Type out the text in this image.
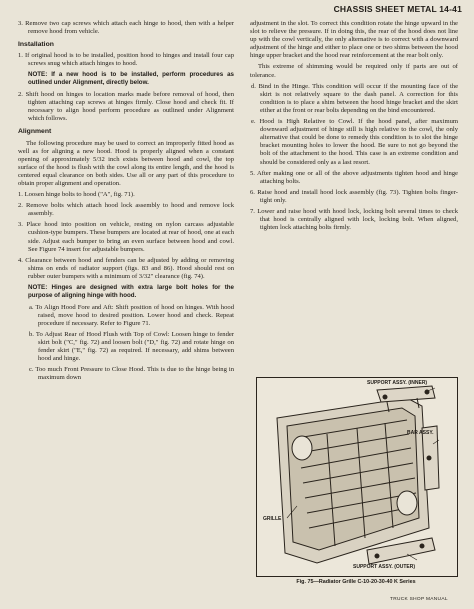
CHASSIS SHEET METAL 14-41

3. Remove two cap screws which attach each hinge to hood, then with a helper remove hood from vehicle.

Installation

1. If original hood is to be installed, position hood to hinges and install four cap screws snug which attach hinges to hood.

NOTE: If a new hood is to be installed, perform procedures as outlined under Alignment, directly below.

2. Shift hood on hinges to location marks made before removal of hood, then tighten attaching cap screws at hinges firmly. Close hood and check fit. If necessary to align hood perform procedure as outlined under Alignment which follows.

Alignment

The following procedure may be used to correct an improperly fitted hood as well as for aligning a new hood. Hood is properly aligned when a constant opening of approximately 5/32 inch exists between hood and cowl, the top surface of the hood is flush with the cowl along its entire length, and the hood is centered equal clearance on both sides. Use all or any part of this procedure to obtain proper alignment and operation.

1. Loosen hinge bolts to hood ("A", fig. 71).

2. Remove bolts which attach hood lock assembly to hood and remove lock assembly.

3. Place hood into position on vehicle, resting on nylon carcass adjustable cushion-type bumpers. These bumpers are located at rear of hood, one at each side. Adjust each bumper to bring an even surface between hood and cowl. See Figure 74 insert for adjustable bumpers.

4. Clearance between hood and fenders can be adjusted by adding or removing shims on ends of radiator support (figs. 83 and 86). Hood should rest on rubber outer bumpers with a minimum of 3/32" clearance (fig. 74).

NOTE: Hinges are designed with extra large bolt holes for the purpose of aligning hinge with hood.

a. To Align Hood Fore and Aft: Shift position of hood on hinges. With hood raised, move hood to desired position. Lower hood and check. Repeat procedure if necessary. Refer to Figure 71.

b. To Adjust Rear of Hood Flush with Top of Cowl: Loosen hinge to fender skirt bolt ("C," fig. 72) and loosen bolt ("D," fig. 72) and rotate hinge on fender skirt ("E," fig. 72) as required. If necessary, add shims between hood and hinge.

c. Too much Front Pressure to Close Hood. This is due to the hinge being in maximum down

adjustment in the slot. To correct this condition rotate the hinge upward in the slot to relieve the pressure. If in doing this, the rear of the hood does not line up with the cowl vertically, the only alternative is to correct with a downward adjustment of the hinge and either to place one or two shims between the hood hinge upper bracket and the hood rear reinforcement at the rear bolt only.

This extreme of shimming would be required only if parts are out of tolerance.

d. Bind in the Hinge. This condition will occur if the mounting face of the skirt is not relatively square to the dash panel. A correction for this condition is to place a shim between the hood hinge bracket and the skirt either at the front or rear bolts depending on the bind encountered.

e. Hood is High Relative to Cowl. If the hood panel, after maximum downward adjustment of hinge still is high relative to the cowl, the only alternative that could be done to remedy this condition is to slot the hinge bracket mounting holes to lower the hood. Be sure to not go beyond the bolt of the attachment to the hood. This case is an extreme condition and should be considered only as a last resort.

5. After making one or all of the above adjustments tighten hood and hinge attaching bolts.

6. Raise hood and install hood lock assembly (fig. 73). Tighten bolts finger-tight only.

7. Lower and raise hood with hood lock, locking bolt several times to check that hood is centrally aligned with lock, locking bolt. When aligned, tighten lock attaching bolts firmly.

SUPPORT ASSY. (INNER)
BAR ASSY.
GRILLE
SUPPORT ASSY. (OUTER)
Fig. 75—Radiator Grille C-10-20-30-40 K Series
TRUCK SHOP MANUAL
